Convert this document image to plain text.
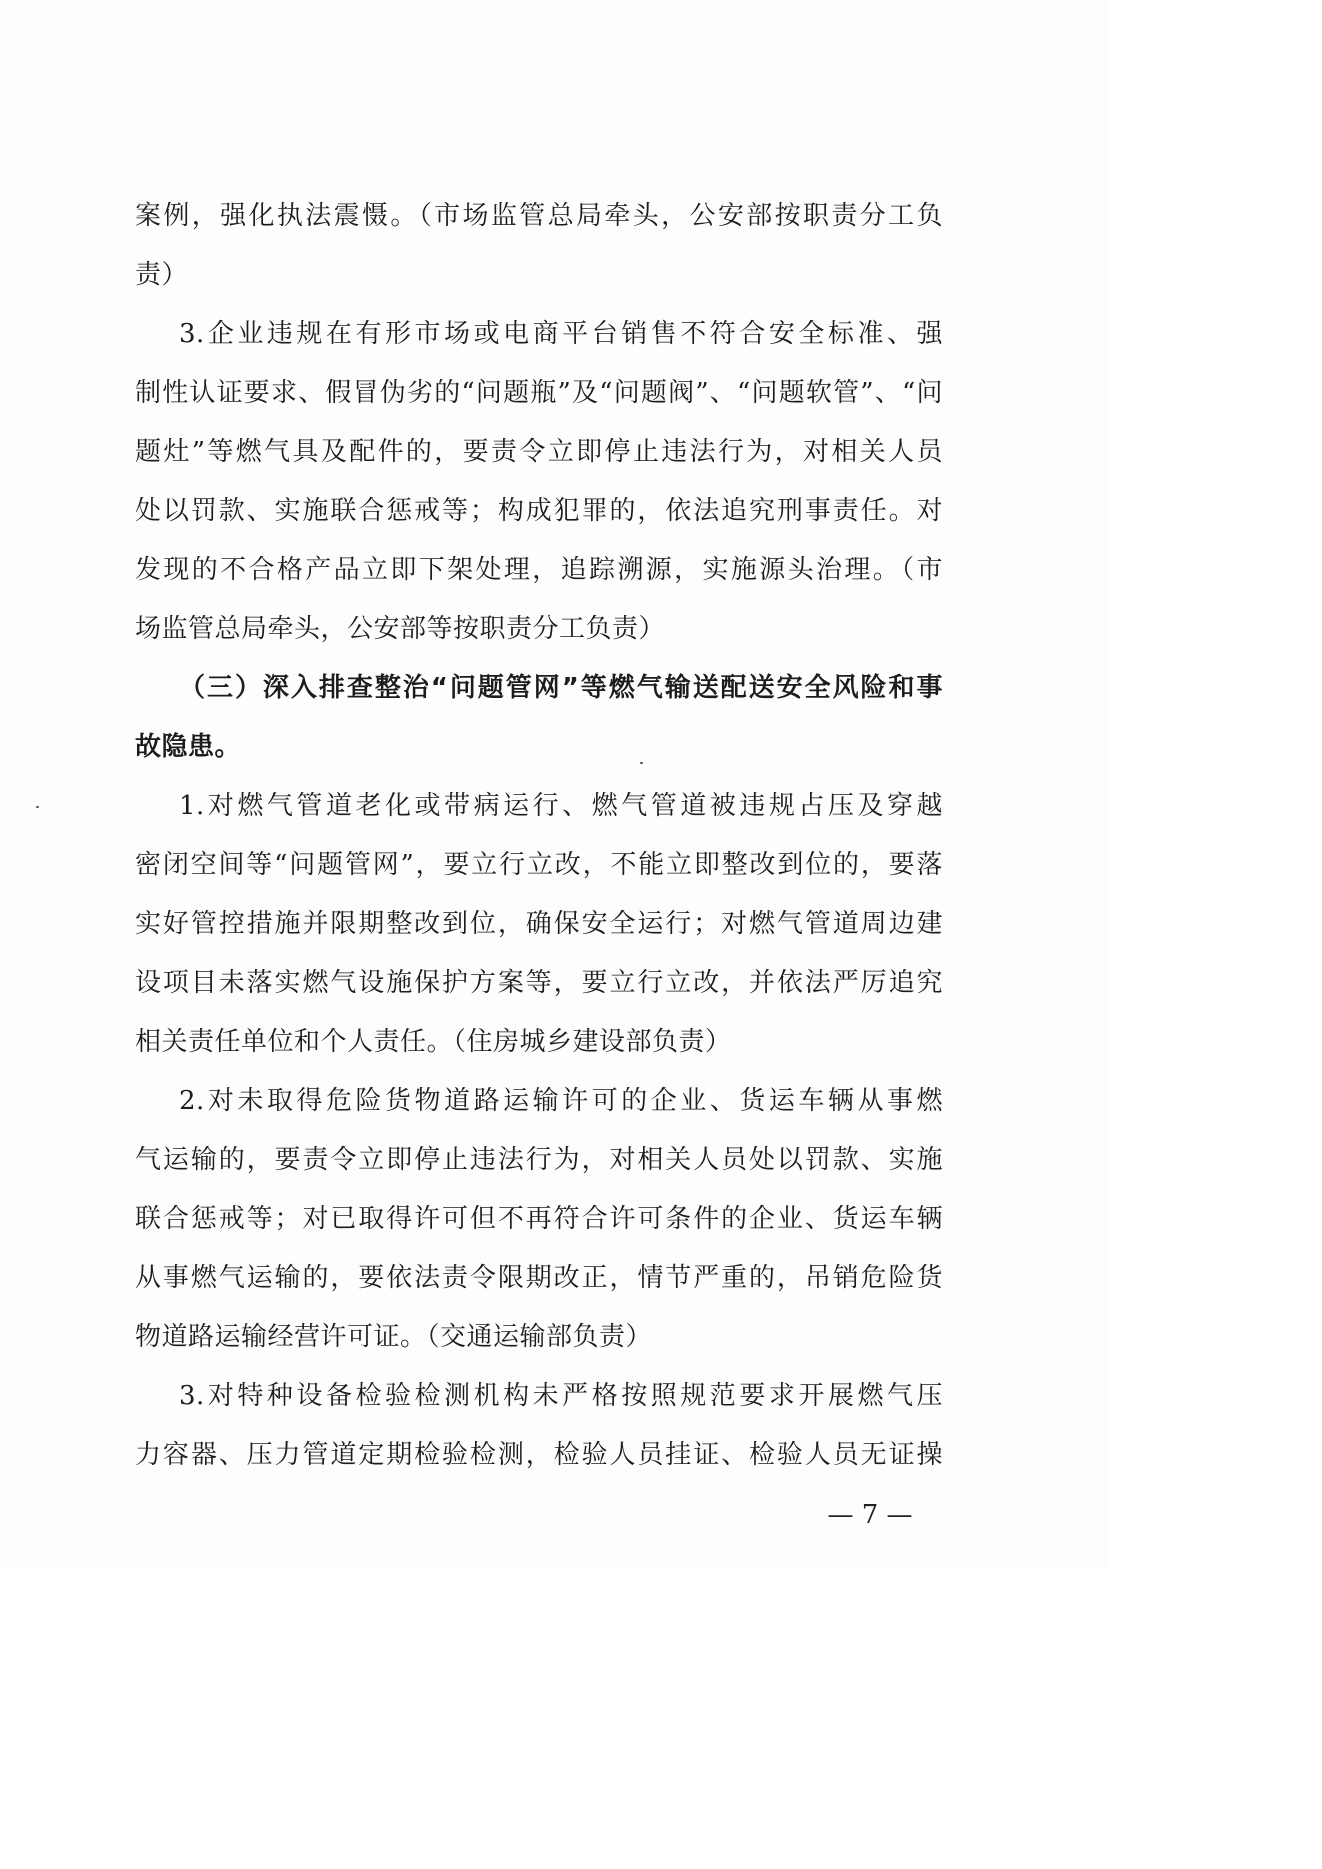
案例，强化执法震慑。（市场监管总局牵头，公安部按职责分工负
责）
3.企业违规在有形市场或电商平台销售不符合安全标准、强
制性认证要求、假冒伪劣的“问题瓶”及“问题阀”、“问题软管”、“问
题灶”等燃气具及配件的，要责令立即停止违法行为，对相关人员
处以罚款、实施联合惩戒等；构成犯罪的，依法追究刑事责任。对
发现的不合格产品立即下架处理，追踪溯源，实施源头治理。（市
场监管总局牵头，公安部等按职责分工负责）
（三）深入排查整治“问题管网”等燃气输送配送安全风险和事
故隐患。
1.对燃气管道老化或带病运行、燃气管道被违规占压及穿越
密闭空间等“问题管网”，要立行立改，不能立即整改到位的，要落
实好管控措施并限期整改到位，确保安全运行；对燃气管道周边建
设项目未落实燃气设施保护方案等，要立行立改，并依法严厉追究
相关责任单位和个人责任。（住房城乡建设部负责）
2.对未取得危险货物道路运输许可的企业、货运车辆从事燃
气运输的，要责令立即停止违法行为，对相关人员处以罚款、实施
联合惩戒等；对已取得许可但不再符合许可条件的企业、货运车辆
从事燃气运输的，要依法责令限期改正，情节严重的，吊销危险货
物道路运输经营许可证。（交通运输部负责）
3.对特种设备检验检测机构未严格按照规范要求开展燃气压
力容器、压力管道定期检验检测，检验人员挂证、检验人员无证操
— 7 —
